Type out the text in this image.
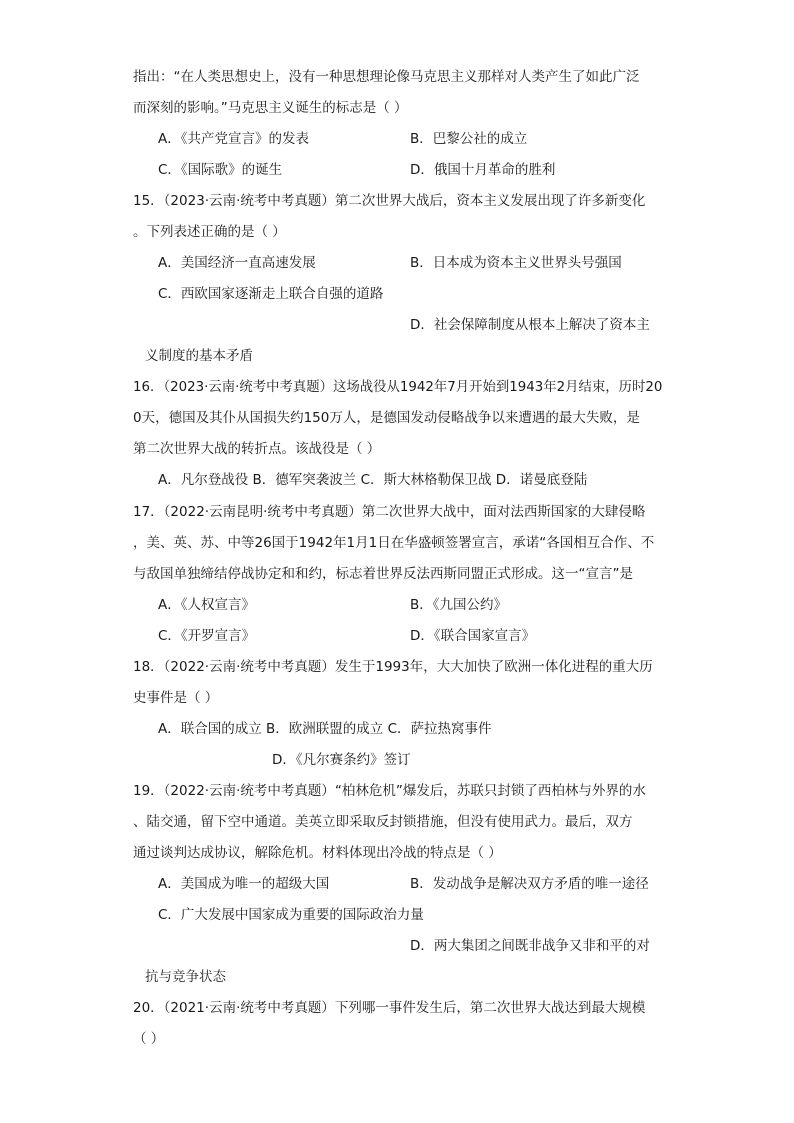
指出：“在人类思想史上，没有一种思想理论像马克思主义那样对人类产生了如此广泛
而深刻的影响。”马克思主义诞生的标志是（ ）
A．《共产党宣言》的发表	B．巴黎公社的成立
C．《国际歌》的诞生	D．俄国十月革命的胜利
15．（2023·云南·统考中考真题）第二次世界大战后，资本主义发展出现了许多新变化
。下列表述正确的是（ ）
A．美国经济一直高速发展	B．日本成为资本主义世界头号强国
C．西欧国家逐渐走上联合自强的道路
D．社会保障制度从根本上解决了资本主
义制度的基本矛盾
16．（2023·云南·统考中考真题）这场战役从1942年7月开始到1943年2月结束，历时20
0天，德国及其仆从国损失约150万人，是德国发动侵略战争以来遭遇的最大失败，是
第二次世界大战的转折点。该战役是（ ）
A．凡尔登战役 B．德军突袭波兰 C．斯大林格勒保卫战 D．诺曼底登陆
17．（2022·云南昆明·统考中考真题）第二次世界大战中，面对法西斯国家的大肆侵略
，美、英、苏、中等26国于1942年1月1日在华盛顿签署宣言，承诺“各国相互合作、不
与敌国单独缔结停战协定和和约，标志着世界反法西斯同盟正式形成。这一“宣言”是
A．《人权宣言》	B．《九国公约》
C．《开罗宣言》	D．《联合国家宣言》
18．（2022·云南·统考中考真题）发生于1993年，大大加快了欧洲一体化进程的重大历
史事件是（ ）
A．联合国的成立 B．欧洲联盟的成立 C．萨拉热窝事件
D．《凡尔赛条约》签订
19．（2022·云南·统考中考真题）“柏林危机”爆发后，苏联只封锁了西柏林与外界的水
、陆交通，留下空中通道。美英立即采取反封锁措施，但没有使用武力。最后，双方
通过谈判达成协议，解除危机。材料体现出冷战的特点是（ ）
A．美国成为唯一的超级大国	B．发动战争是解决双方矛盾的唯一途径
C．广大发展中国家成为重要的国际政治力量
D．两大集团之间既非战争又非和平的对
抗与竞争状态
20．（2021·云南·统考中考真题）下列哪一事件发生后，第二次世界大战达到最大规模
（ ）
